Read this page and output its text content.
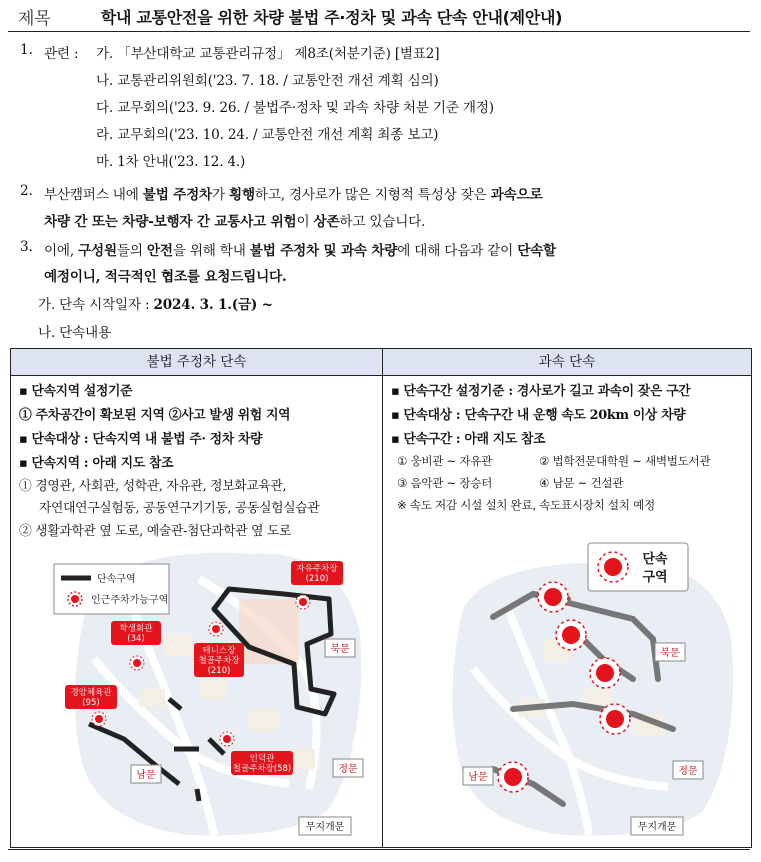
제목	학내 교통안전을 위한 차량 불법 주·정차 및 과속 단속 안내(제안내)
1. 관련 : 가. 「부산대학교 교통관리규정」 제8조(처분기준) [별표2]
나. 교통관리위원회('23. 7. 18. / 교통안전 개선 계획 심의)
다. 교무회의('23. 9. 26. / 불법주·정차 및 과속 차량 처분 기준 개정)
라. 교무회의('23. 10. 24. / 교통안전 개선 계획 최종 보고)
마. 1차 안내('23. 12. 4.)
2. 부산캠퍼스 내에 불법 주정차가 횡행하고, 경사로가 많은 지형적 특성상 잦은 과속으로
차량 간 또는 차량-보행자 간 교통사고 위험이 상존하고 있습니다.
3. 이에, 구성원들의 안전을 위해 학내 불법 주정차 및 과속 차량에 대해 다음과 같이 단속할
예정이니, 적극적인 협조를 요청드립니다.
가. 단속 시작일자 : 2024. 3. 1.(금) ~
나. 단속내용
불법 주정차 단속
▪ 단속지역 설정기준
① 주차공간이 확보된 지역 ②사고 발생 위험 지역
▪ 단속대상 : 단속지역 내 불법 주· 정차 차량
▪ 단속지역 : 아래 지도 참조
① 경영관, 사회관, 성학관, 자유관, 정보화교육관,
자연대연구실험동, 공동연구기기동, 공동실험실습관
② 생활과학관 옆 도로, 예술관-첨단과학관 옆 도로
단속구역
인근주차가능구역
자유주차장
(210)
학생회관
(34)
테니스장
철골주차장
(210)
경암체육관
(95)
인덕관
철골주차장(58)
북문
남문
정문
무지개문
과속 단속
▪ 단속구간 설정기준 : 경사로가 길고 과속이 잦은 구간
▪ 단속대상 : 단속구간 내 운행 속도 20km 이상 차량
▪ 단속구간 : 아래 지도 참조
① 웅비관 ~ 자유관	② 법학전문대학원 ~ 새벽벌도서관
③ 음악관 ~ 장승터	④ 남문 ~ 건설관
※ 속도 저감 시설 설치 완료, 속도표시장치 설치 예정
단속
구역
북문
남문
정문
무지개문
